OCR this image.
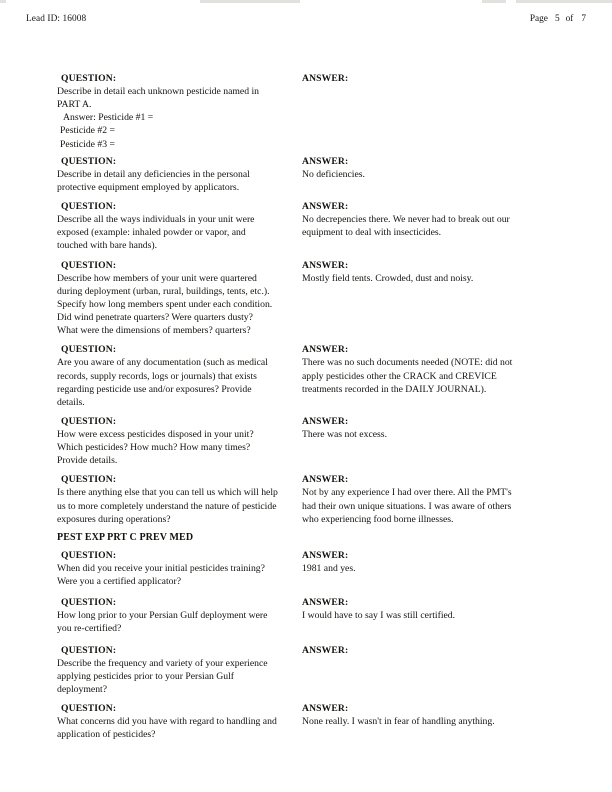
Lead ID: 16008	Page 5 of 7
QUESTION:

Describe in detail each unknown pesticide named in

PART A.

Answer: Pesticide #1 =

Pesticide #2 =

Pesticide #3 =

ANSWER:
QUESTION:

Describe in detail any deficiencies in the personal

protective equipment employed by applicators.

ANSWER:

No deficiencies.

QUESTION:

Describe all the ways individuals in your unit were

exposed (example: inhaled powder or vapor, and

touched with bare hands).

ANSWER:

No decrepencies there. We never had to break out our

equipment to deal with insecticides.

QUESTION:

Describe how members of your unit were quartered

during deployment (urban, rural, buildings, tents, etc.).

Specify how long members spent under each condition.

Did wind penetrate quarters? Were quarters dusty?

What were the dimensions of members? quarters?

ANSWER:

Mostly field tents. Crowded, dust and noisy.

QUESTION:

Are you aware of any documentation (such as medical

records, supply records, logs or journals) that exists

regarding pesticide use and/or exposures? Provide

details.

ANSWER:

There was no such documents needed (NOTE: did not

apply pesticides other the CRACK and CREVICE

treatments recorded in the DAILY JOURNAL).

QUESTION:

How were excess pesticides disposed in your unit?

Which pesticides? How much? How many times?

Provide details.

ANSWER:

There was not excess.

QUESTION:

Is there anything else that you can tell us which will help

us to more completely understand the nature of pesticide

exposures during operations?

ANSWER:

Not by any experience I had over there. All the PMT's

had their own unique situations. I was aware of others

who experiencing food borne illnesses.

PEST EXP PRT C PREV MED
QUESTION:

When did you receive your initial pesticides training?

Were you a certified applicator?

ANSWER:

1981 and yes.

QUESTION:

How long prior to your Persian Gulf deployment were

you re-certified?

ANSWER:

I would have to say I was still certified.

QUESTION:

Describe the frequency and variety of your experience

applying pesticides prior to your Persian Gulf

deployment?

ANSWER:
QUESTION:

What concerns did you have with regard to handling and

application of pesticides?

ANSWER:

None really. I wasn't in fear of handling anything.
